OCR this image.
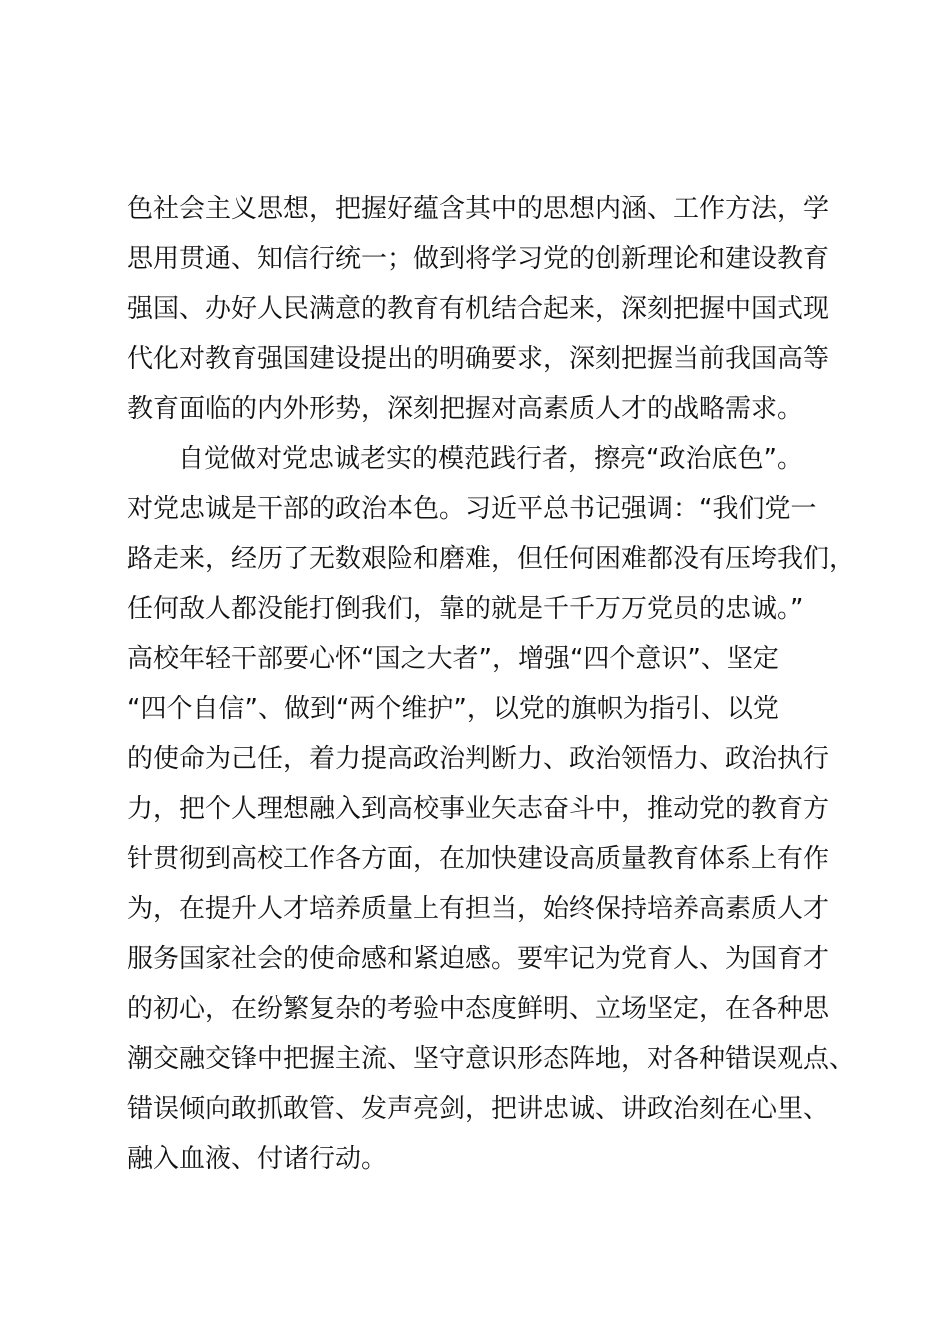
色社会主义思想，把握好蕴含其中的思想内涵、工作方法，学
思用贯通、知信行统一；做到将学习党的创新理论和建设教育
强国、办好人民满意的教育有机结合起来，深刻把握中国式现
代化对教育强国建设提出的明确要求，深刻把握当前我国高等
教育面临的内外形势，深刻把握对高素质人才的战略需求。
自觉做对党忠诚老实的模范践行者，擦亮“政治底色”。
对党忠诚是干部的政治本色。习近平总书记强调：“我们党一
路走来，经历了无数艰险和磨难，但任何困难都没有压垮我们，
任何敌人都没能打倒我们，靠的就是千千万万党员的忠诚。”
高校年轻干部要心怀“国之大者”，增强“四个意识”、坚定
“四个自信”、做到“两个维护”，以党的旗帜为指引、以党
的使命为己任，着力提高政治判断力、政治领悟力、政治执行
力，把个人理想融入到高校事业矢志奋斗中，推动党的教育方
针贯彻到高校工作各方面，在加快建设高质量教育体系上有作
为，在提升人才培养质量上有担当，始终保持培养高素质人才
服务国家社会的使命感和紧迫感。要牢记为党育人、为国育才
的初心，在纷繁复杂的考验中态度鲜明、立场坚定，在各种思
潮交融交锋中把握主流、坚守意识形态阵地，对各种错误观点、
错误倾向敢抓敢管、发声亮剑，把讲忠诚、讲政治刻在心里、
融入血液、付诸行动。
